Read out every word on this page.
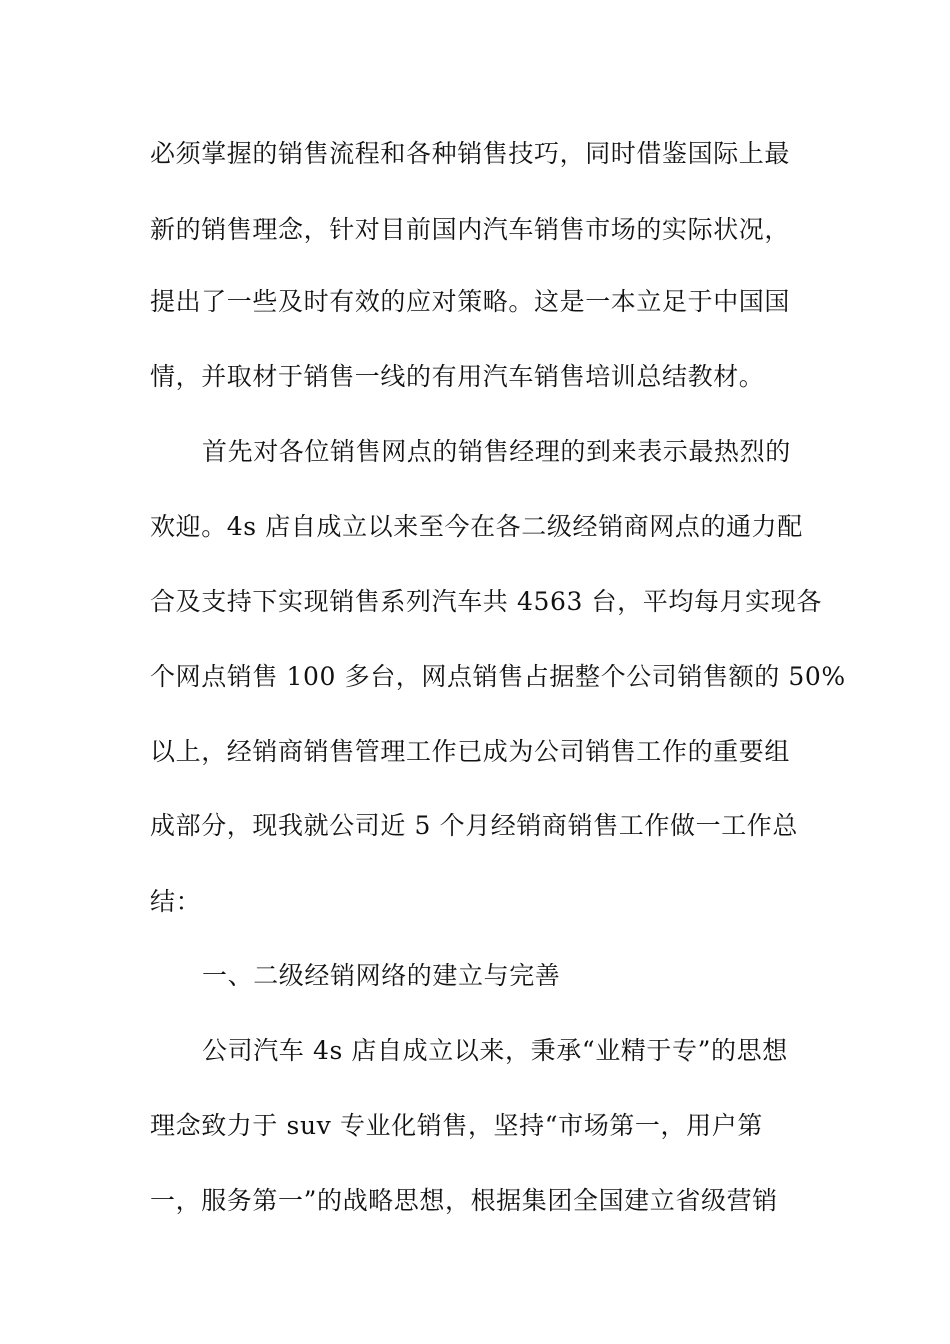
必须掌握的销售流程和各种销售技巧，同时借鉴国际上最
新的销售理念，针对目前国内汽车销售市场的实际状况，
提出了一些及时有效的应对策略。这是一本立足于中国国
情，并取材于销售一线的有用汽车销售培训总结教材。
首先对各位销售网点的销售经理的到来表示最热烈的
欢迎。4s 店自成立以来至今在各二级经销商网点的通力配
合及支持下实现销售系列汽车共 4563 台，平均每月实现各
个网点销售 100 多台，网点销售占据整个公司销售额的 50%
以上，经销商销售管理工作已成为公司销售工作的重要组
成部分，现我就公司近 5 个月经销商销售工作做一工作总
结：
一、二级经销网络的建立与完善
公司汽车 4s 店自成立以来，秉承“业精于专”的思想
理念致力于 suv 专业化销售，坚持“市场第一，用户第
一，服务第一”的战略思想，根据集团全国建立省级营销
